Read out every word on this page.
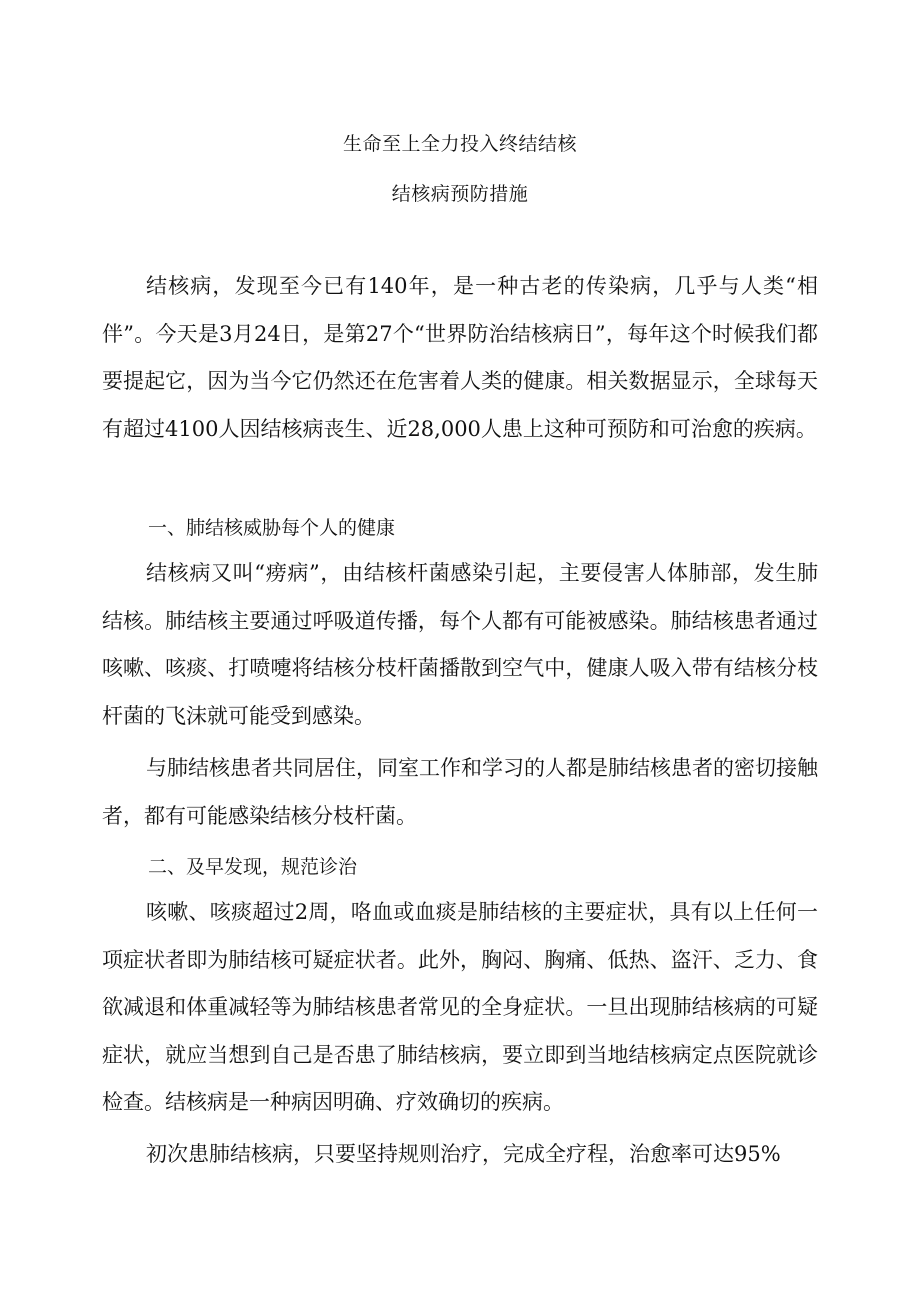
生命至上全力投入终结结核
结核病预防措施

结核病，发现至今已有140年，是一种古老的传染病，几乎与人类“相伴”。今天是3月24日，是第27个“世界防治结核病日”，每年这个时候我们都要提起它，因为当今它仍然还在危害着人类的健康。相关数据显示，全球每天有超过4100人因结核病丧生、近28,000人患上这种可预防和可治愈的疾病。

一、肺结核威胁每个人的健康

结核病又叫“痨病”，由结核杆菌感染引起，主要侵害人体肺部，发生肺结核。肺结核主要通过呼吸道传播，每个人都有可能被感染。肺结核患者通过咳嗽、咳痰、打喷嚏将结核分枝杆菌播散到空气中，健康人吸入带有结核分枝杆菌的飞沫就可能受到感染。

与肺结核患者共同居住，同室工作和学习的人都是肺结核患者的密切接触者，都有可能感染结核分枝杆菌。

二、及早发现，规范诊治

咳嗽、咳痰超过2周，咯血或血痰是肺结核的主要症状，具有以上任何一项症状者即为肺结核可疑症状者。此外，胸闷、胸痛、低热、盗汗、乏力、食欲减退和体重减轻等为肺结核患者常见的全身症状。一旦出现肺结核病的可疑症状，就应当想到自己是否患了肺结核病，要立即到当地结核病定点医院就诊检查。结核病是一种病因明确、疗效确切的疾病。

初次患肺结核病，只要坚持规则治疗，完成全疗程，治愈率可达95%
